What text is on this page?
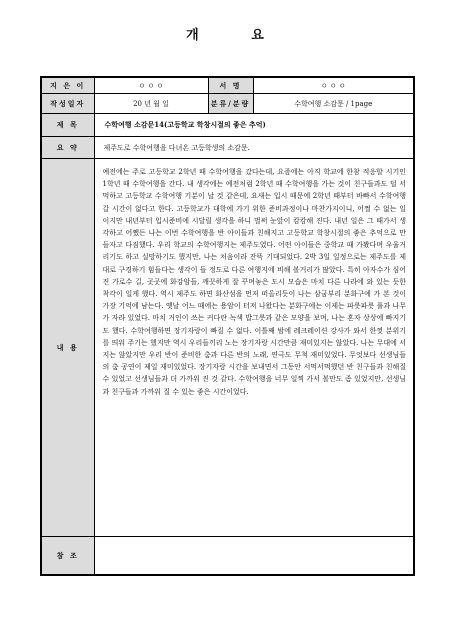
개 요
지 은 이	ㅇ ㅇ ㅇ	서 명	ㅇ ㅇ ㅇ
작성일자	20 년 월 일	분류/분량	수학여행 소감문 / 1page
제 목	수학여행 소감문14(고등학교 학창시절의 좋은 추억)		
요 약	제주도로 수학여행을 다녀온 고등학생의 소감문.		
내 용	예전에는 주로 고등학교 2학년 때 수학여행을 갔다는데, 요즘에는 아직 학교에 한참 적응할 시기인 1학년 때 수학여행을 간다. 내 생각에는 예전처럼 2학년 때 수학여행을 가는 것이 친구들과도 덜 서먹하고 고등학교 수학여행 기분이 날 것 같은데, 요새는 입시 때문에 2학년 때부터 바빠서 수학여행 갈 시간이 없다고 한다. 고등학교가 대학에 가기 위한 준비과정이나 마찬가지이니, 어쩔 수 없는 일이지만 내년부터 입시준비에 시달릴 생각을 하니 벌써 눈앞이 캄캄해 진다. 내년 일은 그 때가서 생각하고 어쨌든 나는 이번 수학여행을 반 아이들과 친해지고 고등학교 학창시절의 좋은 추억으로 만들자고 다짐했다. 우리 학교의 수학여행지는 제주도였다. 어떤 아이들은 중학교 때 가봤다며 우울거리기도 하고 실망하기도 했지만, 나는 처음이라 잔뜩 기대되었다. 2박 3일 일정으로는 제주도를 제대로 구경하기 힘들다는 생각이 들 정도로 다른 여행지에 비해 볼거리가 많았다. 특히 아자수가 심어진 가로수 길, 곳곳에 화강암들, 깨끗하게 잘 꾸며놓은 도시 모습은 마치 다른 나라에 와 있는 듯한 착각이 일게 했다. 역시 제주도 하면 화산섬을 먼저 떠올리듯이 나는 삼굼부리 분화구에 가 본 것이 가장 기억에 남는다. 옛날 어느 때에는 용암이 터져 나왔다는 분화구에는 이제는 파릇파릇 풀과 나무가 자라 있었다. 마치 거인이 쓰는 커다란 녹색 밥그릇과 같은 모양을 보며, 나는 혼자 상상에 빠지기도 했다. 수학여행하면 장기자랑이 빠질 수 없다. 이틀째 밤에 레크레이션 강사가 와서 한껏 분위기를 띄워 주기는 했지만 역시 우리들끼리 노는 장기자랑 시간만큼 재미있지는 않았다. 나는 무대에 서지는 않았지만 우리 반이 준비한 춤과 다른 반의 노래, 연극도 무척 재미있었다. 무엇보다 선생님들의 춤 공연이 제일 재미있었다. 장기자랑 시간을 보내면서 그동안 서먹서먹했던 반 친구들과 친해질 수 있었고 선생님들과 더 가까워 진 것 같다. 수학여행을 너무 일찍 가서 볼만도 좀 있었지만, 선생님과 친구들과 가까워 질 수 있는 좋은 시간이었다.		
참 조			
